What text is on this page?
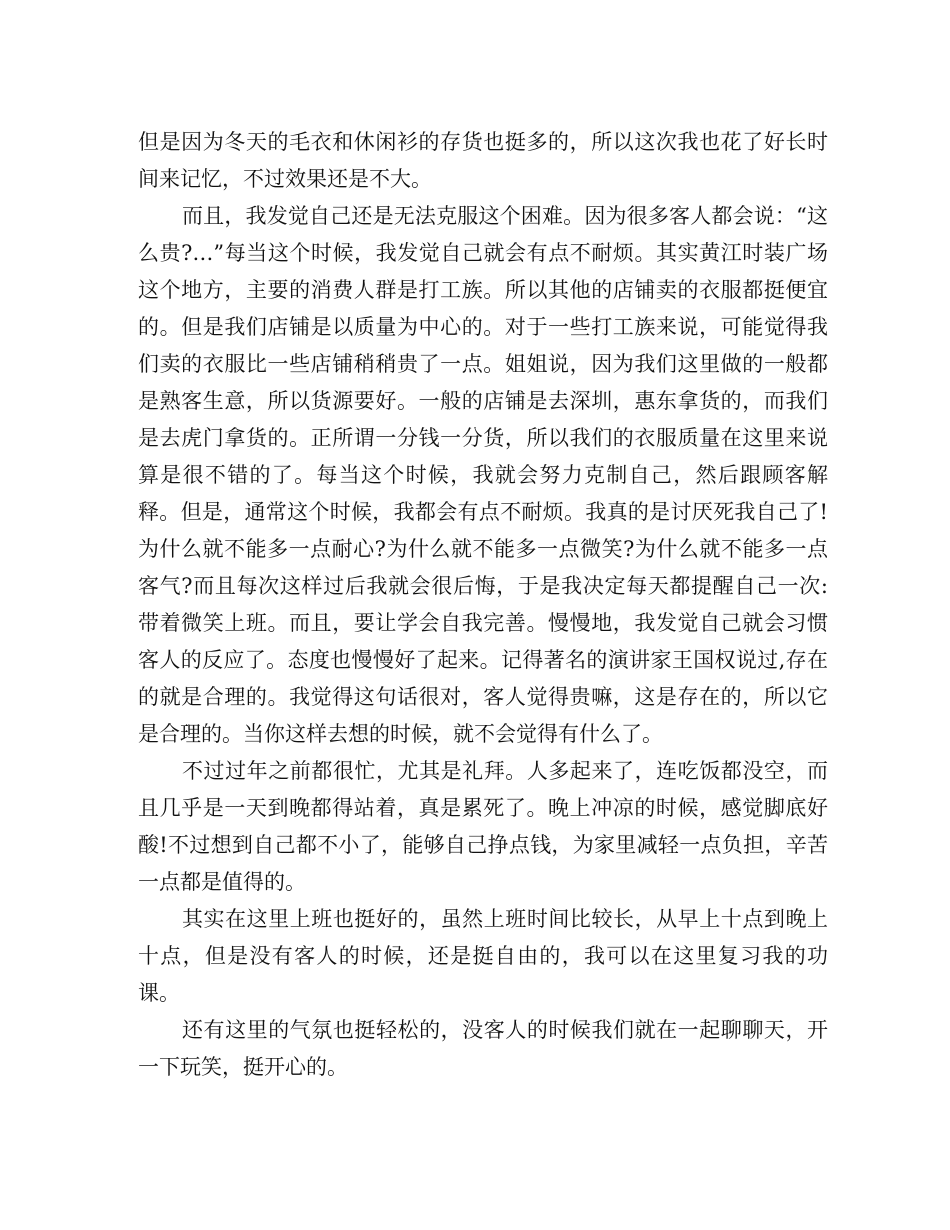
但是因为冬天的毛衣和休闲衫的存货也挺多的，所以这次我也花了好长时间来记忆，不过效果还是不大。

而且，我发觉自己还是无法克服这个困难。因为很多客人都会说：“这么贵?…”每当这个时候，我发觉自己就会有点不耐烦。其实黄江时装广场这个地方，主要的消费人群是打工族。所以其他的店铺卖的衣服都挺便宜的。但是我们店铺是以质量为中心的。对于一些打工族来说，可能觉得我们卖的衣服比一些店铺稍稍贵了一点。姐姐说，因为我们这里做的一般都是熟客生意，所以货源要好。一般的店铺是去深圳，惠东拿货的，而我们是去虎门拿货的。正所谓一分钱一分货，所以我们的衣服质量在这里来说算是很不错的了。每当这个时候，我就会努力克制自己，然后跟顾客解释。但是，通常这个时候，我都会有点不耐烦。我真的是讨厌死我自己了!为什么就不能多一点耐心?为什么就不能多一点微笑?为什么就不能多一点客气?而且每次这样过后我就会很后悔，于是我决定每天都提醒自己一次:带着微笑上班。而且，要让学会自我完善。慢慢地，我发觉自己就会习惯客人的反应了。态度也慢慢好了起来。记得著名的演讲家王国权说过,存在的就是合理的。我觉得这句话很对，客人觉得贵嘛，这是存在的，所以它是合理的。当你这样去想的时候，就不会觉得有什么了。

不过过年之前都很忙，尤其是礼拜。人多起来了，连吃饭都没空，而且几乎是一天到晚都得站着，真是累死了。晚上冲凉的时候，感觉脚底好酸!不过想到自己都不小了，能够自己挣点钱，为家里减轻一点负担，辛苦一点都是值得的。

其实在这里上班也挺好的，虽然上班时间比较长，从早上十点到晚上十点，但是没有客人的时候，还是挺自由的，我可以在这里复习我的功课。

还有这里的气氛也挺轻松的，没客人的时候我们就在一起聊聊天，开一下玩笑，挺开心的。
